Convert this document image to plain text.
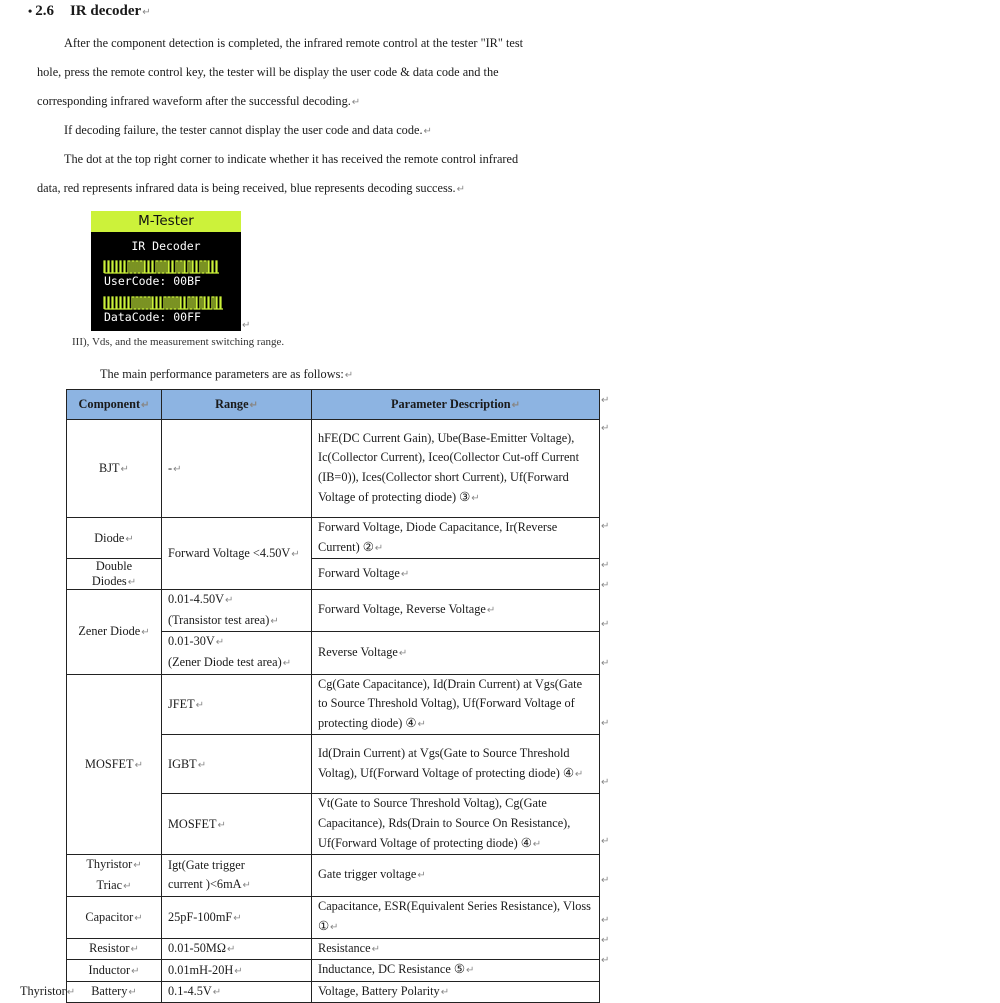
• 2.6 IR decoder ↵
After the component detection is completed, the infrared remote control at the tester "IR" test
hole, press the remote control key, the tester will be display the user code & data code and the
corresponding infrared waveform after the successful decoding.↵
If decoding failure, the tester cannot display the user code and data code.↵
The dot at the top right corner to indicate whether it has received the remote control infrared
data, red represents infrared data is being received, blue represents decoding success.↵
M-Tester
IR Decoder
UserCode: 00BF
DataCode: 00FF
↵
III), Vds, and the measurement switching range.
The main performance parameters are as follows:↵
Component↵	Range↵	Parameter Description↵
BJT↵	-↵	hFE(DC Current Gain), Ube(Base-Emitter Voltage), Ic(Collector Current), Iceo(Collector Cut-off Current (IB=0)), Ices(Collector short Current), Uf(Forward Voltage of protecting diode) ③↵
Diode↵	Forward Voltage <4.50V↵	Forward Voltage, Diode Capacitance, Ir(Reverse Current) ②↵
Double Diodes↵		Forward Voltage↵
Zener Diode↵	0.01-4.50V↵
(Transistor test area)↵	Forward Voltage, Reverse Voltage↵
	0.01-30V↵
(Zener Diode test area)↵	Reverse Voltage↵
MOSFET↵	JFET↵	Cg(Gate Capacitance), Id(Drain Current) at Vgs(Gate to Source Threshold Voltag), Uf(Forward Voltage of protecting diode) ④↵
	IGBT↵	Id(Drain Current) at Vgs(Gate to Source Threshold Voltag), Uf(Forward Voltage of protecting diode) ④↵
	MOSFET↵	Vt(Gate to Source Threshold Voltag), Cg(Gate Capacitance), Rds(Drain to Source On Resistance), Uf(Forward Voltage of protecting diode) ④↵
Thyristor↵
Triac↵	Igt(Gate trigger
current )<6mA↵	Gate trigger voltage↵
Capacitor↵	25pF-100mF↵	Capacitance, ESR(Equivalent Series Resistance), Vloss ①↵
Resistor↵	0.01-50MΩ↵	Resistance↵
Inductor↵	0.01mH-20H↵	Inductance, DC Resistance ⑤↵
Battery↵	0.1-4.5V↵	Voltage, Battery Polarity↵
↵
↵
↵
↵
↵
↵
↵
↵
↵
↵
↵
↵
↵
↵
Thyristor↵
